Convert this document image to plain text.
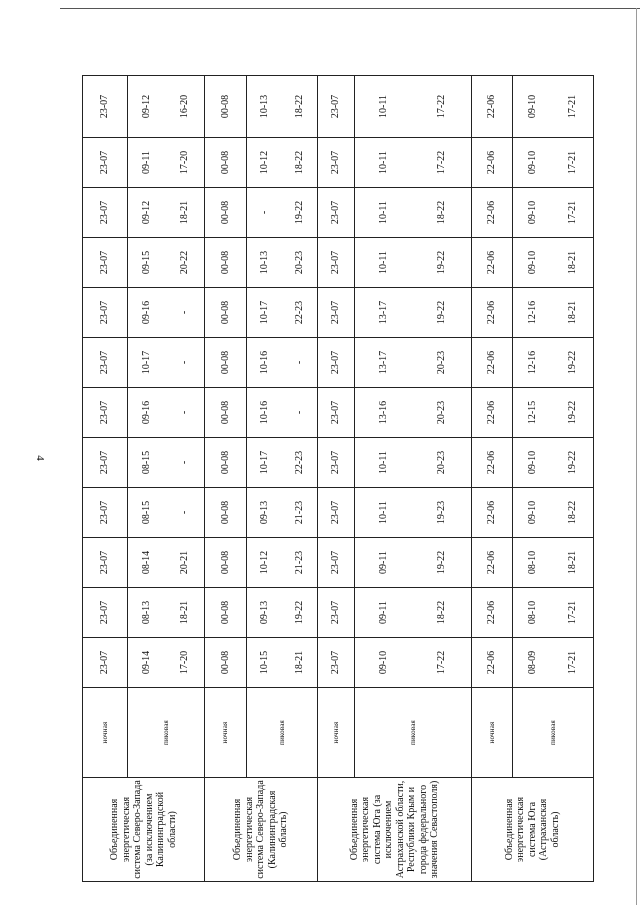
4
Объединенная энергетическая система Северо-Запада (за исключением Калининградской области)	ночная	23-07	23-07	23-07	23-07	23-07	23-07	23-07	23-07	23-07	23-07	23-07	23-07
	пиковая	09-14 17-20	08-13 18-21	08-14 20-21	08-15 -	08-15 -	09-16 -	10-17 -	09-16 -	09-15 20-22	09-12 18-21	09-11 17-20	09-12 16-20

Объединенная энергетическая система Северо-Запада (Калининградская область)	ночная	00-08	00-08	00-08	00-08	00-08	00-08	00-08	00-08	00-08	00-08	00-08	00-08
	пиковая	10-15 18-21	09-13 19-22	10-12 21-23	09-13 21-23	10-17 22-23	10-16 -	10-16 -	10-17 22-23	10-13 20-23	- 19-22	10-12 18-22	10-13 18-22

Объединенная энергетическая система Юга (за исключением Астраханской области, Республики Крым и города федерального значения Севастополя)	ночная	23-07	23-07	23-07	23-07	23-07	23-07	23-07	23-07	23-07	23-07	23-07	23-07
	пиковая	09-10 17-22	09-11 18-22	09-11 19-22	10-11 19-23	10-11 20-23	13-16 20-23	13-17 20-23	13-17 19-22	10-11 19-22	10-11 18-22	10-11 17-22	10-11 17-22

Объединенная энергетическая система Юга (Астраханская область)	ночная	22-06	22-06	22-06	22-06	22-06	22-06	22-06	22-06	22-06	22-06	22-06	22-06
	пиковая	08-09 17-21	08-10 17-21	08-10 18-21	09-10 18-22	09-10 19-22	12-15 19-22	12-16 19-22	12-16 18-21	09-10 18-21	09-10 17-21	09-10 17-21	09-10 17-21
